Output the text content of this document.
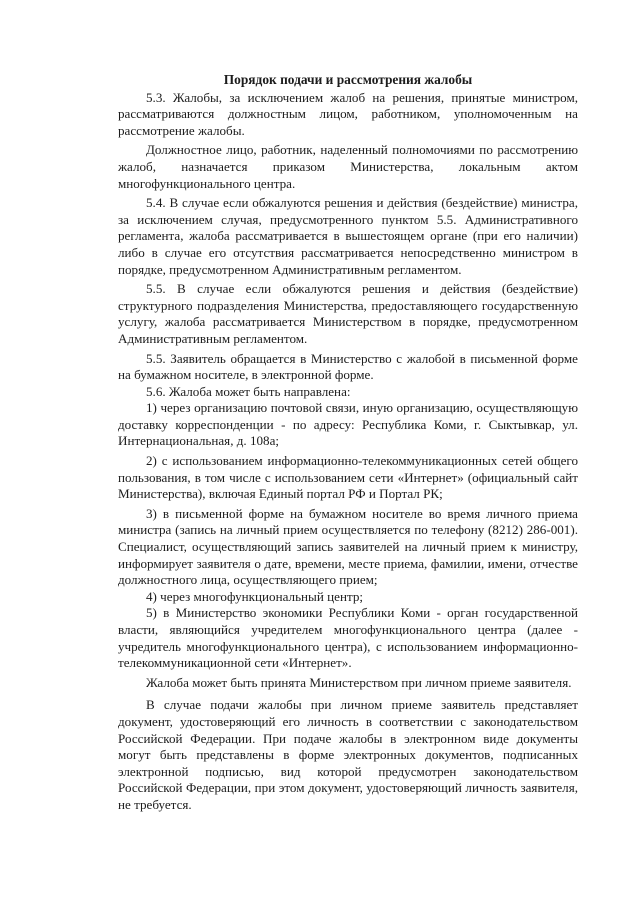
Порядок подачи и рассмотрения жалобы

5.3. Жалобы, за исключением жалоб на решения, принятые министром, рассматриваются должностным лицом, работником, уполномоченным на рассмотрение жалобы.

Должностное лицо, работник, наделенный полномочиями по рассмотрению жалоб, назначается приказом Министерства, локальным актом многофункционального центра.

5.4. В случае если обжалуются решения и действия (бездействие) министра, за исключением случая, предусмотренного пунктом 5.5. Административного регламента, жалоба рассматривается в вышестоящем органе (при его наличии) либо в случае его отсутствия рассматривается непосредственно министром в порядке, предусмотренном Административным регламентом.

5.5. В случае если обжалуются решения и действия (бездействие) структурного подразделения Министерства, предоставляющего государственную услугу, жалоба рассматривается Министерством в порядке, предусмотренном Административным регламентом.

5.5. Заявитель обращается в Министерство с жалобой в письменной форме на бумажном носителе, в электронной форме.

5.6. Жалоба может быть направлена:

1) через организацию почтовой связи, иную организацию, осуществляющую доставку корреспонденции - по адресу: Республика Коми, г. Сыктывкар, ул. Интернациональная, д. 108а;

2) с использованием информационно-телекоммуникационных сетей общего пользования, в том числе с использованием сети «Интернет» (официальный сайт Министерства), включая Единый портал РФ и Портал РК;

3) в письменной форме на бумажном носителе во время личного приема министра (запись на личный прием осуществляется по телефону (8212) 286-001). Специалист, осуществляющий запись заявителей на личный прием к министру, информирует заявителя о дате, времени, месте приема, фамилии, имени, отчестве должностного лица, осуществляющего прием;

4) через многофункциональный центр;

5) в Министерство экономики Республики Коми - орган государственной власти, являющийся учредителем многофункционального центра (далее - учредитель многофункционального центра), с использованием информационно-телекоммуникационной сети «Интернет».

Жалоба может быть принята Министерством при личном приеме заявителя.

В случае подачи жалобы при личном приеме заявитель представляет документ, удостоверяющий его личность в соответствии с законодательством Российской Федерации. При подаче жалобы в электронном виде документы могут быть представлены в форме электронных документов, подписанных электронной подписью, вид которой предусмотрен законодательством Российской Федерации, при этом документ, удостоверяющий личность заявителя, не требуется.
